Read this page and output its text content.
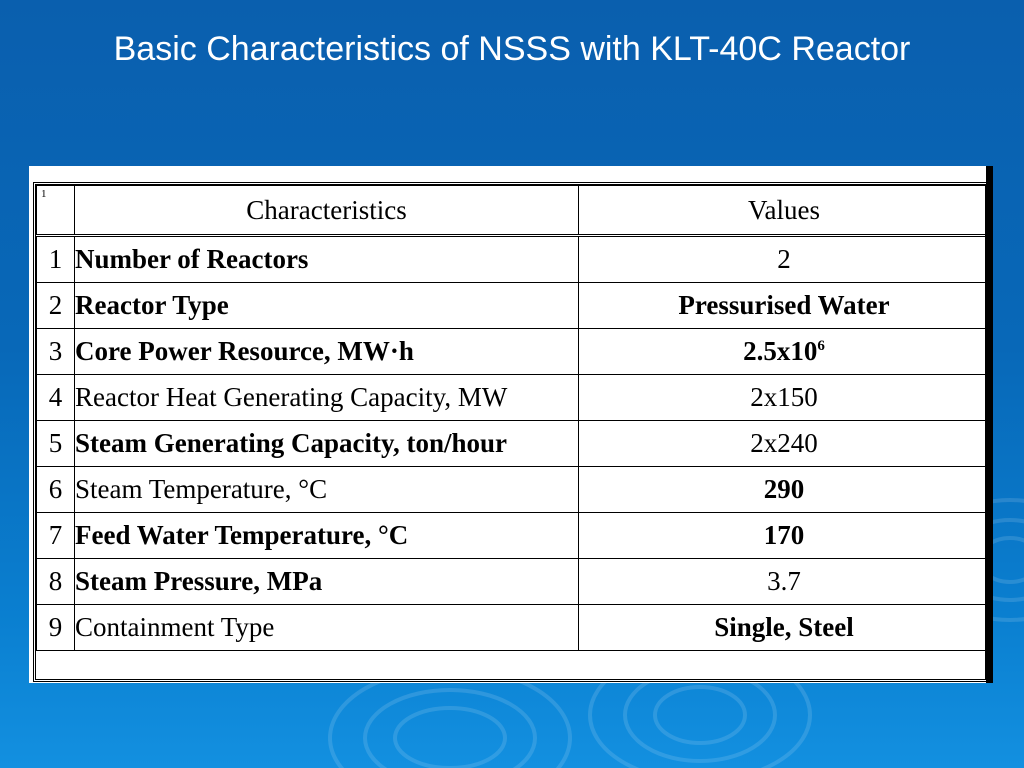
Basic Characteristics of NSSS with KLT-40C Reactor
1	Characteristics	Values
1	Number of Reactors	2
2	Reactor Type	Pressurised Water
3	Core Power Resource, MW·h	$2.5x10^6$
4	Reactor Heat Generating Capacity, MW	2x150
5	Steam Generating Capacity, ton/hour	2x240
6	Steam Temperature, °C	290
7	Feed Water Temperature, °C	170
8	Steam Pressure, MPa	3.7
9	Containment Type	Single, Steel
